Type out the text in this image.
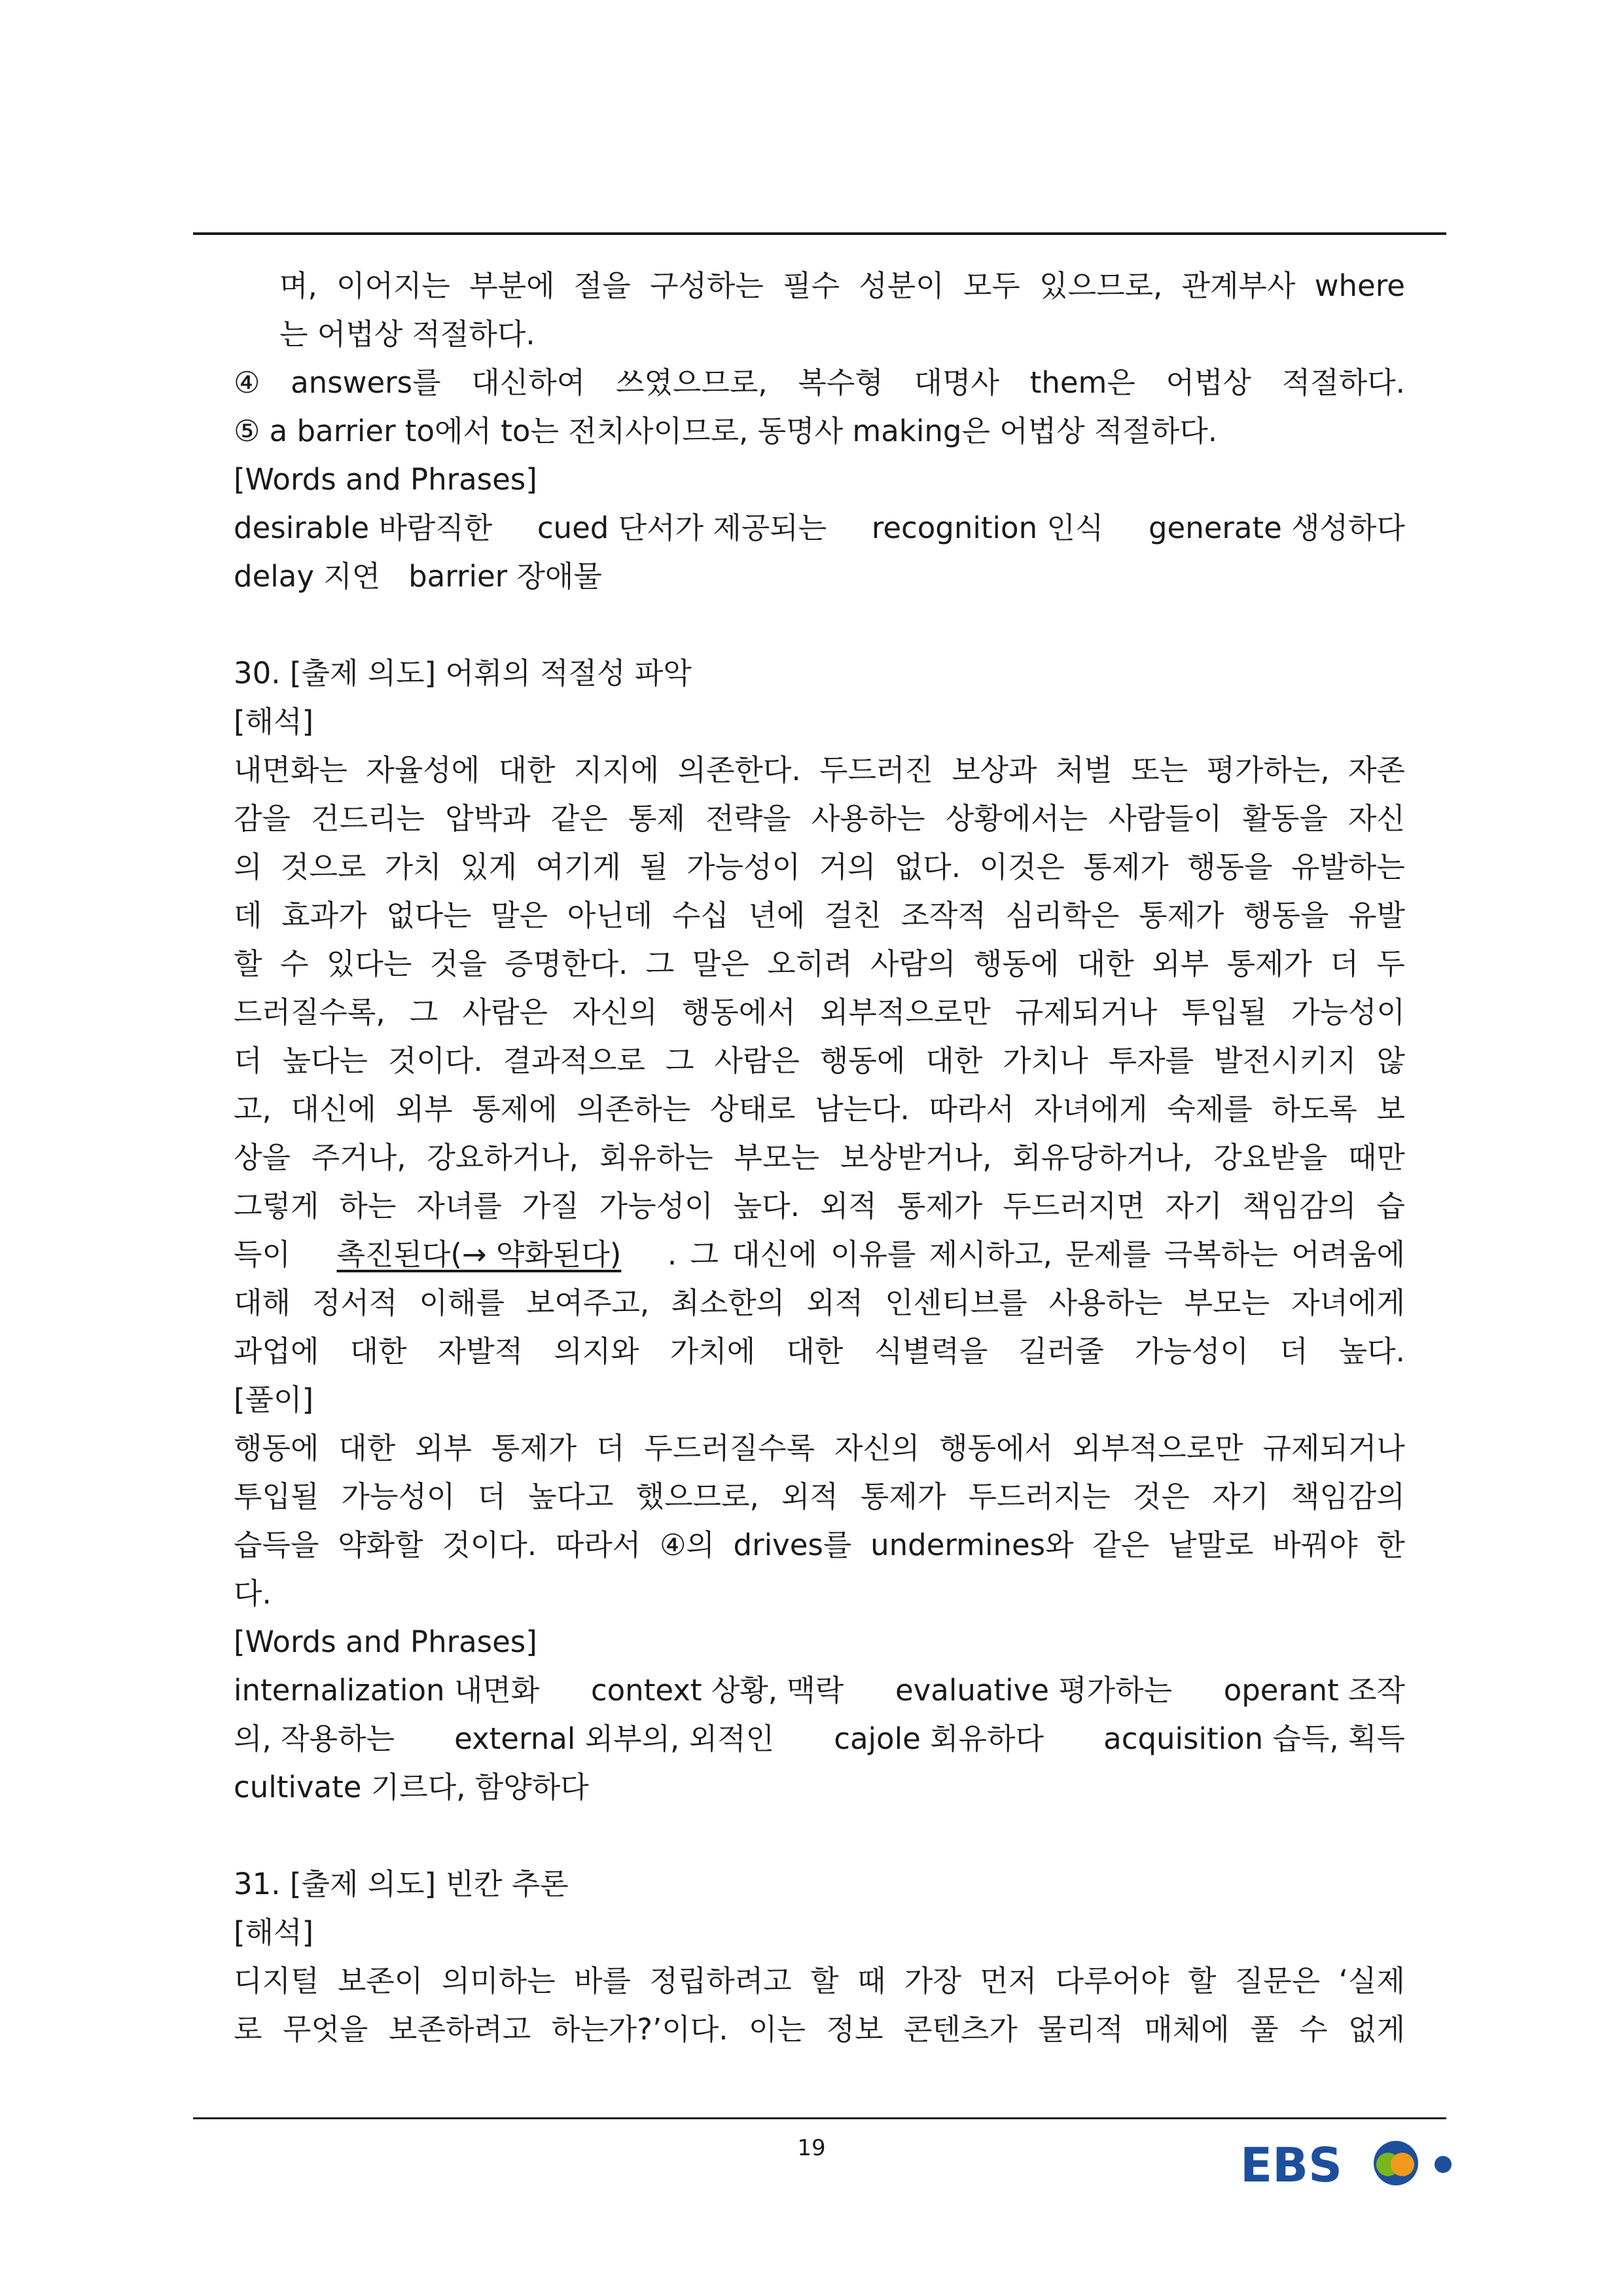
며, 이어지는 부분에 절을 구성하는 필수 성분이 모두 있으므로, 관계부사 where
는 어법상 적절하다.
④ answers를 대신하여 쓰였으므로, 복수형 대명사 them은 어법상 적절하다.
⑤ a barrier to에서 to는 전치사이므로, 동명사 making은 어법상 적절하다.
[Words and Phrases]
desirable 바람직한 cued 단서가 제공되는 recognition 인식 generate 생성하다
delay 지연   barrier 장애물
30. [출제 의도] 어휘의 적절성 파악
[해석]
내면화는 자율성에 대한 지지에 의존한다. 두드러진 보상과 처벌 또는 평가하는, 자존
감을 건드리는 압박과 같은 통제 전략을 사용하는 상황에서는 사람들이 활동을 자신
의 것으로 가치 있게 여기게 될 가능성이 거의 없다. 이것은 통제가 행동을 유발하는
데 효과가 없다는 말은 아닌데 수십 년에 걸친 조작적 심리학은 통제가 행동을 유발
할 수 있다는 것을 증명한다. 그 말은 오히려 사람의 행동에 대한 외부 통제가 더 두
드러질수록, 그 사람은 자신의 행동에서 외부적으로만 규제되거나 투입될 가능성이
더 높다는 것이다. 결과적으로 그 사람은 행동에 대한 가치나 투자를 발전시키지 않
고, 대신에 외부 통제에 의존하는 상태로 남는다. 따라서 자녀에게 숙제를 하도록 보
상을 주거나, 강요하거나, 회유하는 부모는 보상받거나, 회유당하거나, 강요받을 때만
그렇게 하는 자녀를 가질 가능성이 높다. 외적 통제가 두드러지면 자기 책임감의 습
득이 촉진된다(→ 약화된다) . 그 대신에 이유를 제시하고, 문제를 극복하는 어려움에
대해 정서적 이해를 보여주고, 최소한의 외적 인센티브를 사용하는 부모는 자녀에게
과업에 대한 자발적 의지와 가치에 대한 식별력을 길러줄 가능성이 더 높다.
[풀이]
행동에 대한 외부 통제가 더 두드러질수록 자신의 행동에서 외부적으로만 규제되거나
투입될 가능성이 더 높다고 했으므로, 외적 통제가 두드러지는 것은 자기 책임감의
습득을 약화할 것이다. 따라서 ④의 drives를 undermines와 같은 낱말로 바꿔야 한
다.
[Words and Phrases]
internalization 내면화 context 상황, 맥락 evaluative 평가하는 operant 조작
의, 작용하는 external 외부의, 외적인 cajole 회유하다 acquisition 습득, 획득
cultivate 기르다, 함양하다
31. [출제 의도] 빈칸 추론
[해석]
디지털 보존이 의미하는 바를 정립하려고 할 때 가장 먼저 다루어야 할 질문은 ‘실제
로 무엇을 보존하려고 하는가?’이다. 이는 정보 콘텐츠가 물리적 매체에 풀 수 없게
19	EBS
